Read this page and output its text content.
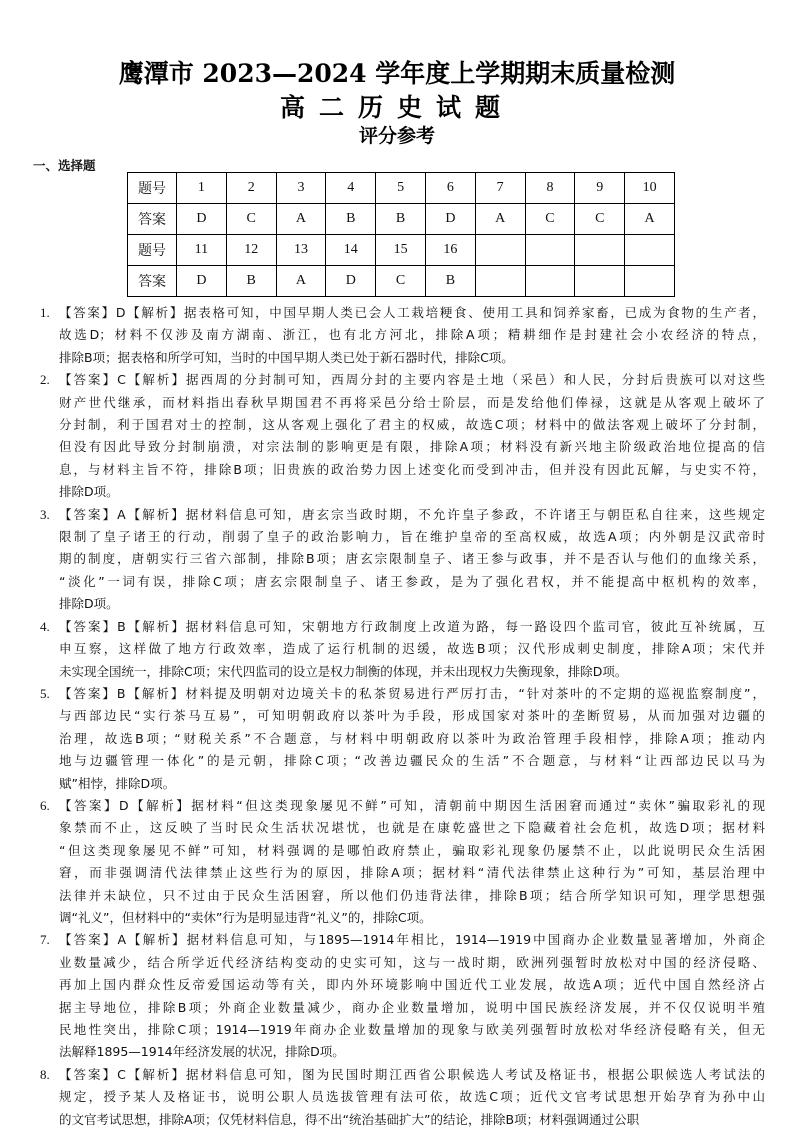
鹰潭市 2023—2024 学年度上学期期末质量检测
高二历史试题
评分参考
一、选择题
题号	1	2	3	4	5	6	7	8	9	10
答案	D	C	A	B	B	D	A	C	C	A
题号	11	12	13	14	15	16				
答案	D	B	A	D	C	B				
1. 【答案】D【解析】据表格可知，中国早期人类已会人工栽培粳食、使用工具和饲养家畜，已成为食物的生产者，
故选D；材料不仅涉及南方湖南、浙江，也有北方河北，排除A项；精耕细作是封建社会小农经济的特点，
排除B项；据表格和所学可知，当时的中国早期人类已处于新石器时代，排除C项。
2. 【答案】C【解析】据西周的分封制可知，西周分封的主要内容是土地（采邑）和人民，分封后贵族可以对这些
财产世代继承，而材料指出春秋早期国君不再将采邑分给士阶层，而是发给他们俸禄，这就是从客观上破坏了
分封制，利于国君对士的控制，这从客观上强化了君主的权威，故选C项；材料中的做法客观上破坏了分封制，
但没有因此导致分封制崩溃，对宗法制的影响更是有限，排除A项；材料没有新兴地主阶级政治地位提高的信
息，与材料主旨不符，排除B项；旧贵族的政治势力因上述变化而受到冲击，但并没有因此瓦解，与史实不符，
排除D项。
3. 【答案】A【解析】据材料信息可知，唐玄宗当政时期，不允许皇子参政，不许诸王与朝臣私自往来，这些规定
限制了皇子诸王的行动，削弱了皇子的政治影响力，旨在维护皇帝的至高权威，故选A项；内外朝是汉武帝时
期的制度，唐朝实行三省六部制，排除B项；唐玄宗限制皇子、诸王参与政事，并不是否认与他们的血缘关系，
“淡化”一词有误，排除C项；唐玄宗限制皇子、诸王参政，是为了强化君权，并不能提高中枢机构的效率，
排除D项。
4. 【答案】B【解析】据材料信息可知，宋朝地方行政制度上改道为路，每一路设四个监司官，彼此互补统属，互
申互察，这样做了地方行政效率，造成了运行机制的迟缓，故选B项；汉代形成刺史制度，排除A项；宋代并
未实现全国统一，排除C项；宋代四监司的设立是权力制衡的体现，并未出现权力失衡现象，排除D项。
5. 【答案】B【解析】材料提及明朝对边境关卡的私茶贸易进行严厉打击，“针对茶叶的不定期的巡视监察制度”，
与西部边民“实行茶马互易”，可知明朝政府以茶叶为手段，形成国家对茶叶的垄断贸易，从而加强对边疆的
治理，故选B项；“财税关系”不合题意，与材料中明朝政府以茶叶为政治管理手段相悖，排除A项；推动内
地与边疆管理一体化”的是元朝，排除C项；“改善边疆民众的生活”不合题意，与材料“让西部边民以马为
赋”相悖，排除D项。
6. 【答案】D【解析】据材料“但这类现象屡见不鲜”可知，清朝前中期因生活困窘而通过“卖休”骗取彩礼的现
象禁而不止，这反映了当时民众生活状况堪忧，也就是在康乾盛世之下隐藏着社会危机，故选D项；据材料
“但这类现象屡见不鲜”可知，材料强调的是哪怕政府禁止，骗取彩礼现象仍屡禁不止，以此说明民众生活困
窘，而非强调清代法律禁止这些行为的原因，排除A项；据材料“清代法律禁止这种行为”可知，基层治理中
法律并未缺位，只不过由于民众生活困窘，所以他们仍违背法律，排除B项；结合所学知识可知，理学思想强
调“礼义”，但材料中的“卖休”行为是明显违背“礼义”的，排除C项。
7. 【答案】A【解析】据材料信息可知，与1895—1914年相比，1914—1919中国商办企业数量显著增加，外商企
业数量减少，结合所学近代经济结构变动的史实可知，这与一战时期，欧洲列强暂时放松对中国的经济侵略、
再加上国内群众性反帝爱国运动等有关，即内外环境影响中国近代工业发展，故选A项；近代中国自然经济占
据主导地位，排除B项；外商企业数量减少，商办企业数量增加，说明中国民族经济发展，并不仅仅说明半殖
民地性突出，排除C项；1914—1919年商办企业数量增加的现象与欧美列强暂时放松对华经济侵略有关，但无
法解释1895—1914年经济发展的状况，排除D项。
8. 【答案】C【解析】据材料信息可知，图为民国时期江西省公职候选人考试及格证书，根据公职候选人考试法的
规定，授予某人及格证书，说明公职人员选拔管理有法可依，故选C项；近代文官考试思想开始孕育为孙中山
的文官考试思想，排除A项；仅凭材料信息，得不出“统治基础扩大”的结论，排除B项；材料强调通过公职
